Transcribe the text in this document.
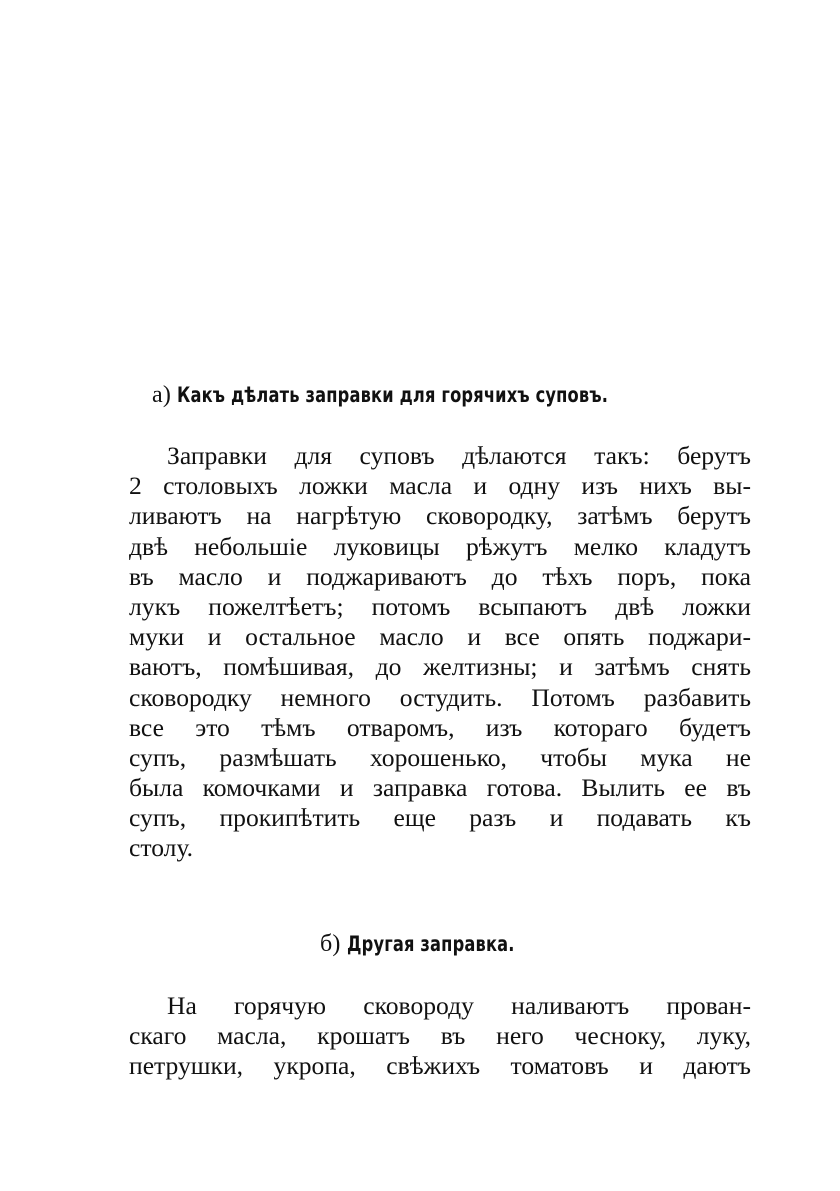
а) Какъ дѣлать заправки для горячихъ суповъ.
Заправки для суповъ дѣлаются такъ: берутъ
2 столовыхъ ложки масла и одну изъ нихъ вы-
ливаютъ на нагрѣтую сковородку, затѣмъ берутъ
двѣ небольшіе луковицы рѣжутъ мелко кладутъ
въ масло и поджариваютъ до тѣхъ поръ, пока
лукъ пожелтѣетъ; потомъ всыпаютъ двѣ ложки
муки и остальное масло и все опять поджари-
ваютъ, помѣшивая, до желтизны; и затѣмъ снять
сковородку немного остудить. Потомъ разбавить
все это тѣмъ отваромъ, изъ котораго будетъ
супъ, размѣшать хорошенько, чтобы мука не
была комочками и заправка готова. Вылить ее въ
супъ, прокипѣтить еще разъ и подавать къ
столу.
б) Другая заправка.
На горячую сковороду наливаютъ прован-
скаго масла, крошатъ въ него чесноку, луку,
петрушки, укропа, свѣжихъ томатовъ и даютъ
